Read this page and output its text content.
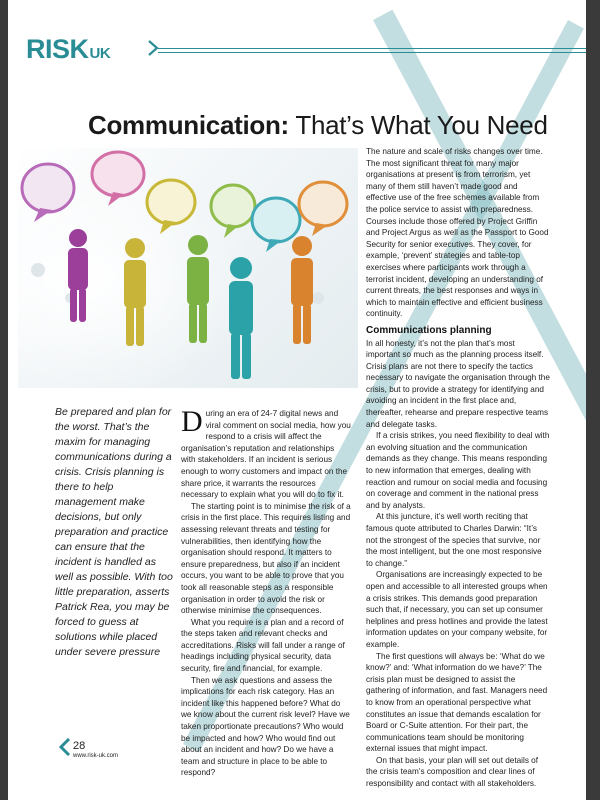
RISKUK
Communication: That’s What You Need
Be prepared and plan for the worst. That’s the maxim for managing communications during a crisis. Crisis planning is there to help management make decisions, but only preparation and practice can ensure that the incident is handled as well as possible. With too little preparation, asserts Patrick Rea, you may be forced to guess at solutions while placed under severe pressure

During an era of 24-7 digital news and viral comment on social media, how you respond to a crisis will affect the organisation’s reputation and relationships with stakeholders. If an incident is serious enough to worry customers and impact on the share price, it warrants the resources necessary to explain what you will do to fix it.

The starting point is to minimise the risk of a crisis in the first place. This requires listing and assessing relevant threats and testing for vulnerabilities, then identifying how the organisation should respond. It matters to ensure preparedness, but also if an incident occurs, you want to be able to prove that you took all reasonable steps as a responsible organisation in order to avoid the risk or otherwise minimise the consequences.

What you require is a plan and a record of the steps taken and relevant checks and accreditations. Risks will fall under a range of headings including physical security, data security, fire and financial, for example.

Then we ask questions and assess the implications for each risk category. Has an incident like this happened before? What do we know about the current risk level? Have we taken proportionate precautions? Who would be impacted and how? Who would find out about an incident and how? Do we have a team and structure in place to be able to respond?

The nature and scale of risks changes over time. The most significant threat for many major organisations at present is from terrorism, yet many of them still haven’t made good and effective use of the free schemes available from the police service to assist with preparedness. Courses include those offered by Project Griffin and Project Argus as well as the Passport to Good Security for senior executives. They cover, for example, ‘prevent’ strategies and table-top exercises where participants work through a terrorist incident, developing an understanding of current threats, the best responses and ways in which to maintain effective and efficient business continuity.

Communications planning

In all honesty, it’s not the plan that’s most important so much as the planning process itself. Crisis plans are not there to specify the tactics necessary to navigate the organisation through the crisis, but to provide a strategy for identifying and avoiding an incident in the first place and, thereafter, rehearse and prepare respective teams and delegate tasks.

If a crisis strikes, you need flexibility to deal with an evolving situation and the communication demands as they change. This means responding to new information that emerges, dealing with reaction and rumour on social media and focusing on coverage and comment in the national press and by analysts.

At this juncture, it’s well worth reciting that famous quote attributed to Charles Darwin: “It’s not the strongest of the species that survive, nor the most intelligent, but the one most responsive to change.”

Organisations are increasingly expected to be open and accessible to all interested groups when a crisis strikes. This demands good preparation such that, if necessary, you can set up consumer helplines and press hotlines and provide the latest information updates on your company website, for example.

The first questions will always be: ‘What do we know?’ and: ‘What information do we have?’ The crisis plan must be designed to assist the gathering of information, and fast. Managers need to know from an operational perspective what constitutes an issue that demands escalation for Board or C-Suite attention. For their part, the communications team should be monitoring external issues that might impact.

On that basis, your plan will set out details of the crisis team’s composition and clear lines of responsibility and contact with all stakeholders.

28
www.risk-uk.com
